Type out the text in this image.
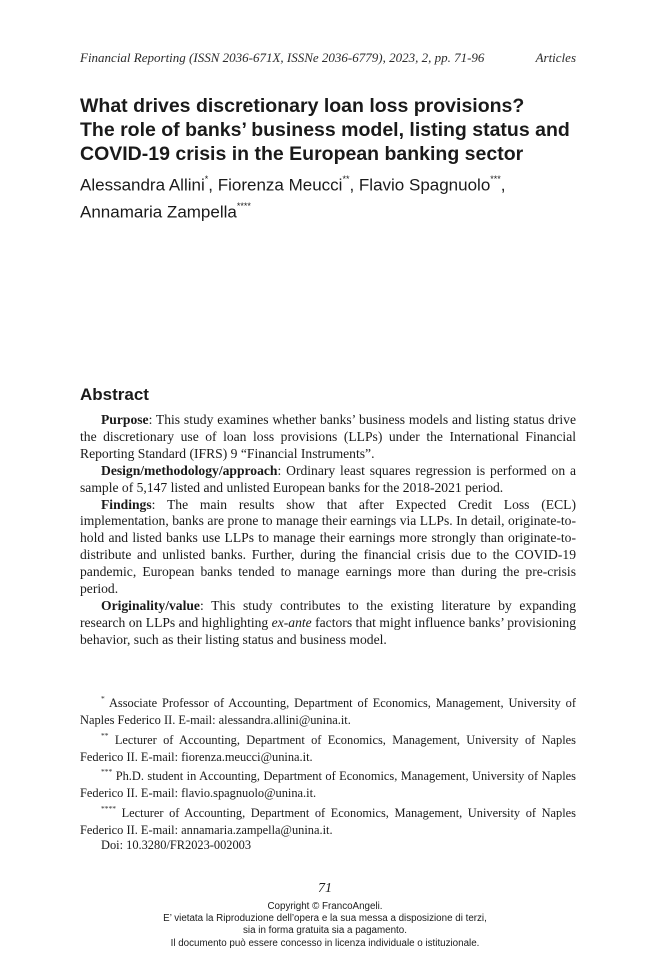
Financial Reporting (ISSN 2036-671X, ISSNe 2036-6779), 2023, 2, pp. 71-96	Articles
What drives discretionary loan loss provisions?
The role of banks’ business model, listing status and
COVID-19 crisis in the European banking sector
Alessandra Allini*, Fiorenza Meucci**, Flavio Spagnuolo***,
Annamaria Zampella****
Abstract

Purpose: This study examines whether banks’ business models and listing status drive the discretionary use of loan loss provisions (LLPs) under the International Financial Reporting Standard (IFRS) 9 “Financial Instruments”.

Design/methodology/approach: Ordinary least squares regression is performed on a sample of 5,147 listed and unlisted European banks for the 2018-2021 period.

Findings: The main results show that after Expected Credit Loss (ECL) implementation, banks are prone to manage their earnings via LLPs. In detail, originate-to-hold and listed banks use LLPs to manage their earnings more strongly than originate-to-distribute and unlisted banks. Further, during the financial crisis due to the COVID-19 pandemic, European banks tended to manage earnings more than during the pre-crisis period.

Originality/value: This study contributes to the existing literature by expanding research on LLPs and highlighting ex-ante factors that might influence banks’ provisioning behavior, such as their listing status and business model.

* Associate Professor of Accounting, Department of Economics, Management, University of Naples Federico II. E-mail: alessandra.allini@unina.it.

** Lecturer of Accounting, Department of Economics, Management, University of Naples Federico II. E-mail: fiorenza.meucci@unina.it.

*** Ph.D. student in Accounting, Department of Economics, Management, University of Naples Federico II. E-mail: flavio.spagnuolo@unina.it.

**** Lecturer of Accounting, Department of Economics, Management, University of Naples Federico II. E-mail: annamaria.zampella@unina.it.

Doi: 10.3280/FR2023-002003
71
Copyright © FrancoAngeli.
E’ vietata la Riproduzione dell’opera e la sua messa a disposizione di terzi,
sia in forma gratuita sia a pagamento.
Il documento può essere concesso in licenza individuale o istituzionale.
